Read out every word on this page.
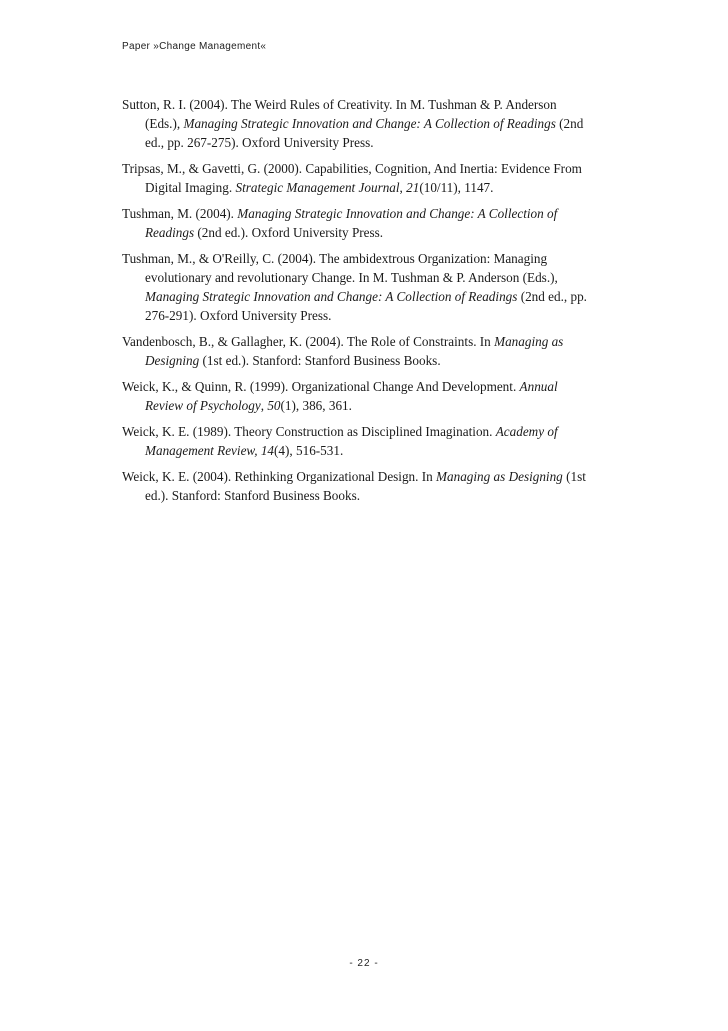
Paper »Change Management«

Sutton, R. I. (2004). The Weird Rules of Creativity. In M. Tushman & P. Anderson (Eds.), Managing Strategic Innovation and Change: A Collection of Readings (2nd ed., pp. 267-275). Oxford University Press.

Tripsas, M., & Gavetti, G. (2000). Capabilities, Cognition, And Inertia: Evidence From Digital Imaging. Strategic Management Journal, 21(10/11), 1147.

Tushman, M. (2004). Managing Strategic Innovation and Change: A Collection of Readings (2nd ed.). Oxford University Press.

Tushman, M., & O'Reilly, C. (2004). The ambidextrous Organization: Managing evolutionary and revolutionary Change. In M. Tushman & P. Anderson (Eds.), Managing Strategic Innovation and Change: A Collection of Readings (2nd ed., pp. 276-291). Oxford University Press.

Vandenbosch, B., & Gallagher, K. (2004). The Role of Constraints. In Managing as Designing (1st ed.). Stanford: Stanford Business Books.

Weick, K., & Quinn, R. (1999). Organizational Change And Development. Annual Review of Psychology, 50(1), 386, 361.

Weick, K. E. (1989). Theory Construction as Disciplined Imagination. Academy of Management Review, 14(4), 516-531.

Weick, K. E. (2004). Rethinking Organizational Design. In Managing as Designing (1st ed.). Stanford: Stanford Business Books.

- 22 -
